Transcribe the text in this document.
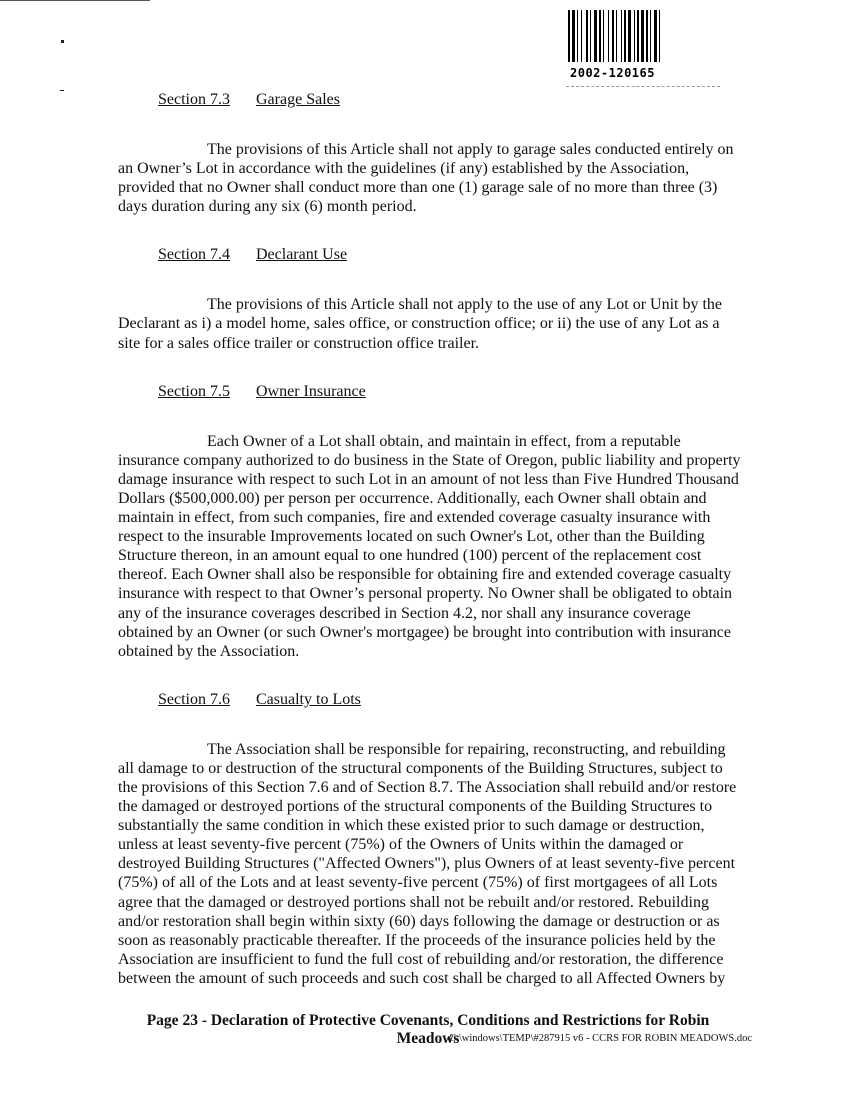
2002-120165
Section 7.3	Garage Sales
The provisions of this Article shall not apply to garage sales conducted entirely on
an Owner’s Lot in accordance with the guidelines (if any) established by the Association,
provided that no Owner shall conduct more than one (1) garage sale of no more than three (3)
days duration during any six (6) month period.
Section 7.4	Declarant Use
The provisions of this Article shall not apply to the use of any Lot or Unit by the
Declarant as i) a model home, sales office, or construction office; or ii) the use of any Lot as a
site for a sales office trailer or construction office trailer.
Section 7.5	Owner Insurance
Each Owner of a Lot shall obtain, and maintain in effect, from a reputable
insurance company authorized to do business in the State of Oregon, public liability and property
damage insurance with respect to such Lot in an amount of not less than Five Hundred Thousand
Dollars ($500,000.00) per person per occurrence. Additionally, each Owner shall obtain and
maintain in effect, from such companies, fire and extended coverage casualty insurance with
respect to the insurable Improvements located on such Owner's Lot, other than the Building
Structure thereon, in an amount equal to one hundred (100) percent of the replacement cost
thereof. Each Owner shall also be responsible for obtaining fire and extended coverage casualty
insurance with respect to that Owner’s personal property. No Owner shall be obligated to obtain
any of the insurance coverages described in Section 4.2, nor shall any insurance coverage
obtained by an Owner (or such Owner's mortgagee) be brought into contribution with insurance
obtained by the Association.
Section 7.6	Casualty to Lots
The Association shall be responsible for repairing, reconstructing, and rebuilding
all damage to or destruction of the structural components of the Building Structures, subject to
the provisions of this Section 7.6 and of Section 8.7. The Association shall rebuild and/or restore
the damaged or destroyed portions of the structural components of the Building Structures to
substantially the same condition in which these existed prior to such damage or destruction,
unless at least seventy-five percent (75%) of the Owners of Units within the damaged or
destroyed Building Structures ("Affected Owners"), plus Owners of at least seventy-five percent
(75%) of all of the Lots and at least seventy-five percent (75%) of first mortgagees of all Lots
agree that the damaged or destroyed portions shall not be rebuilt and/or restored. Rebuilding
and/or restoration shall begin within sixty (60) days following the damage or destruction or as
soon as reasonably practicable thereafter. If the proceeds of the insurance policies held by the
Association are insufficient to fund the full cost of rebuilding and/or restoration, the difference
between the amount of such proceeds and such cost shall be charged to all Affected Owners by
Page 23 - Declaration of Protective Covenants, Conditions and Restrictions for Robin Meadows
C:\windows\TEMP\#287915 v6 - CCRS FOR ROBIN MEADOWS.doc
